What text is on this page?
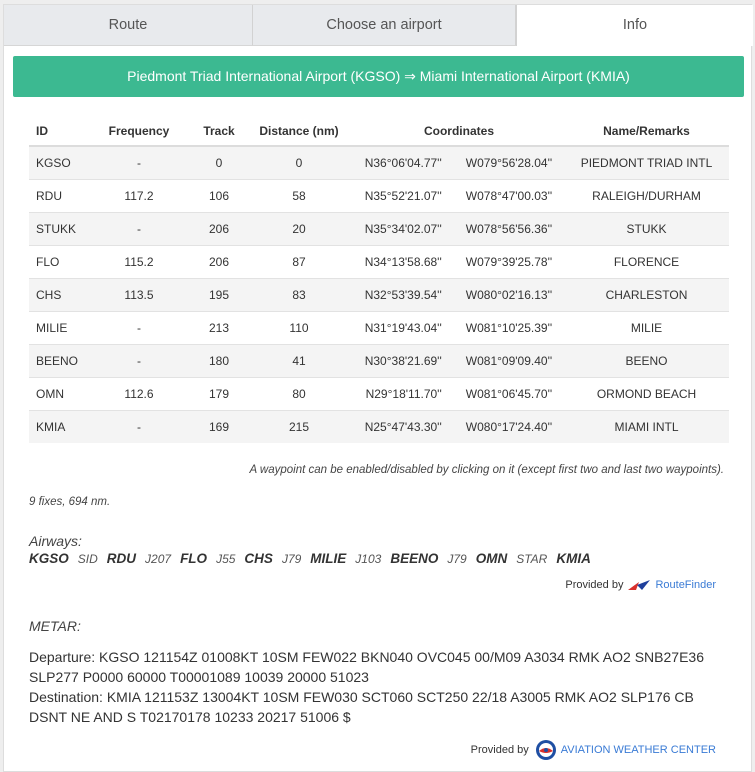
Route	Choose an airport	Info
Piedmont Triad International Airport (KGSO) ⇒ Miami International Airport (KMIA)
ID	Frequency	Track	Distance (nm)	Coordinates		Name/Remarks
KGSO	-	0	0	N36°06'04.77''	W079°56'28.04''	PIEDMONT TRIAD INTL
RDU	117.2	106	58	N35°52'21.07''	W078°47'00.03''	RALEIGH/DURHAM
STUKK	-	206	20	N35°34'02.07''	W078°56'56.36''	STUKK
FLO	115.2	206	87	N34°13'58.68''	W079°39'25.78''	FLORENCE
CHS	113.5	195	83	N32°53'39.54''	W080°02'16.13''	CHARLESTON
MILIE	-	213	110	N31°19'43.04''	W081°10'25.39''	MILIE
BEENO	-	180	41	N30°38'21.69''	W081°09'09.40''	BEENO
OMN	112.6	179	80	N29°18'11.70''	W081°06'45.70''	ORMOND BEACH
KMIA	-	169	215	N25°47'43.30''	W080°17'24.40''	MIAMI INTL
A waypoint can be enabled/disabled by clicking on it (except first two and last two waypoints).
9 fixes, 694 nm.
Airways:
KGSO SID RDU J207 FLO J55 CHS J79 MILIE J103 BEENO J79 OMN STAR KMIA
Provided by	RouteFinder
METAR:
Departure: KGSO 121154Z 01008KT 10SM FEW022 BKN040 OVC045 00/M09 A3034 RMK AO2 SNB27E36 SLP277 P0000 60000 T00001089 10039 20000 51023
Destination: KMIA 121153Z 13004KT 10SM FEW030 SCT060 SCT250 22/18 A3005 RMK AO2 SLP176 CB DSNT NE AND S T02170178 10233 20217 51006 $
Provided by	AVIATION WEATHER CENTER
